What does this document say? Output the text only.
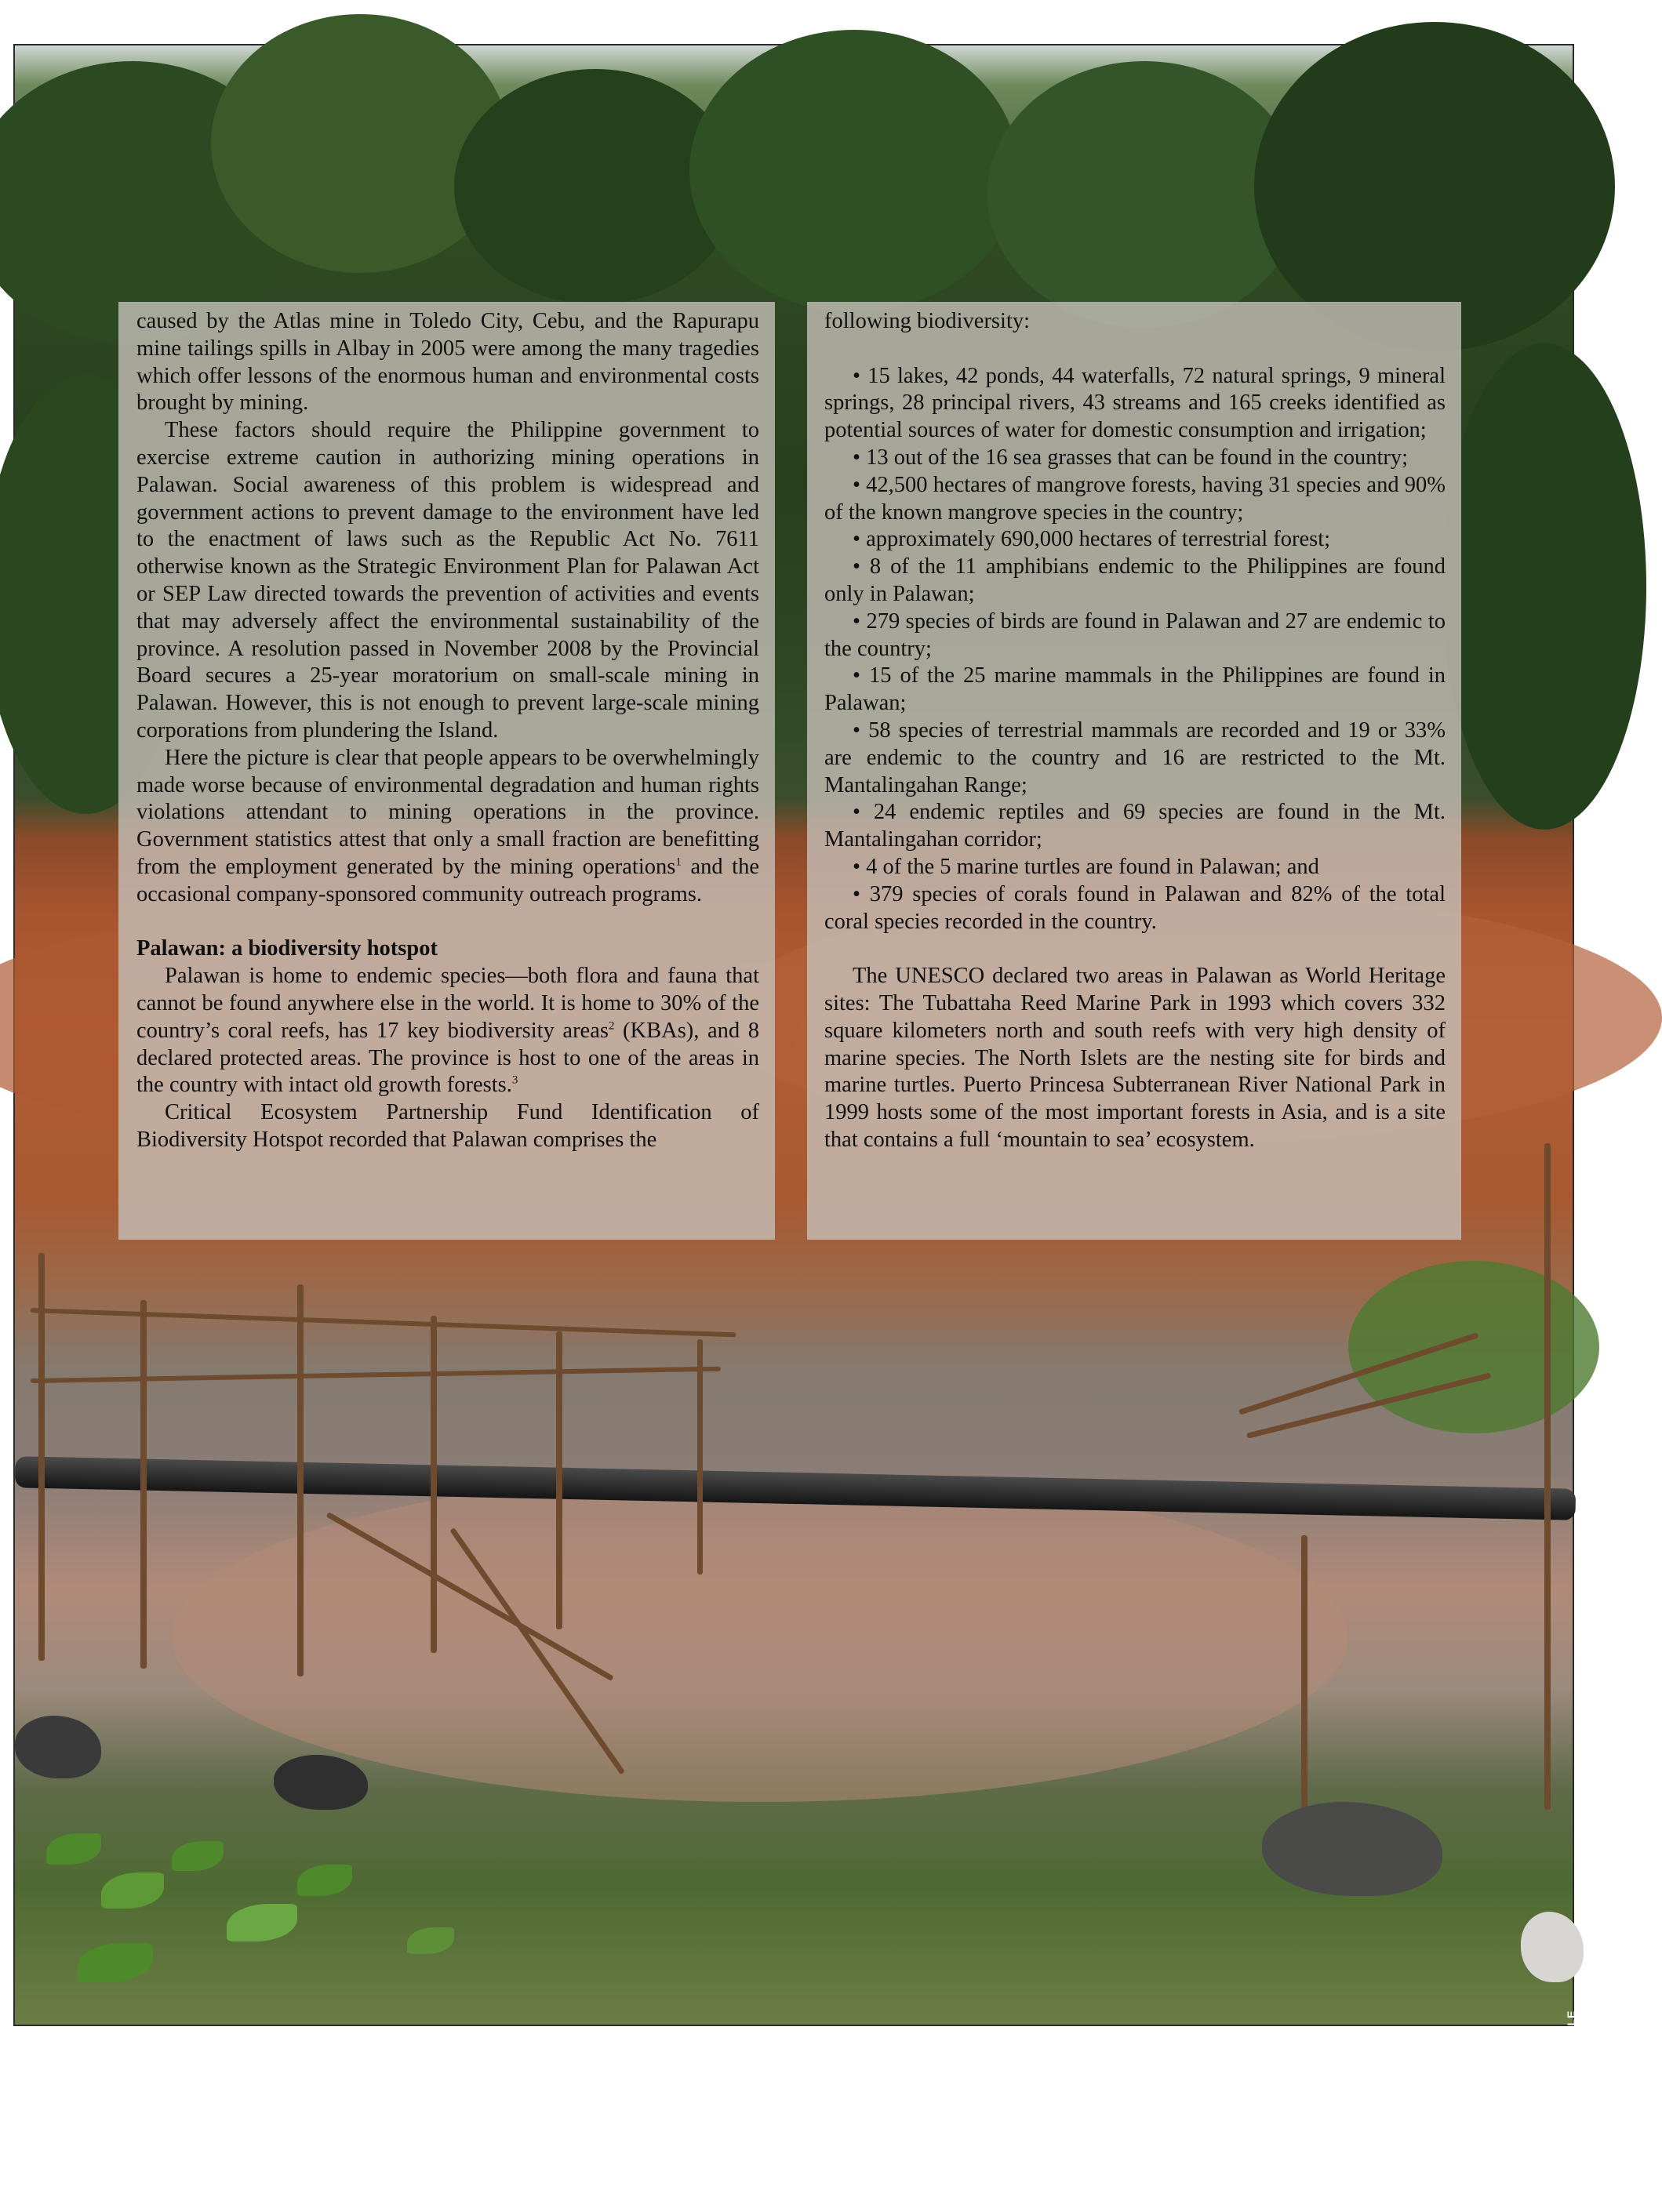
FILE PHOTO

caused by the Atlas mine in Toledo City, Cebu, and the Rapurapu mine tailings spills in Albay in 2005 were among the many tragedies which offer lessons of the enormous human and environmental costs brought by mining.

These factors should require the Philippine government to exercise extreme caution in authorizing mining operations in Palawan. Social awareness of this problem is widespread and government actions to prevent damage to the environment have led to the enactment of laws such as the Republic Act No. 7611 otherwise known as the Strategic Environment Plan for Palawan Act or SEP Law directed towards the prevention of activities and events that may adversely affect the environmental sustainability of the province. A resolution passed in November 2008 by the Provincial Board secures a 25-year moratorium on small-scale mining in Palawan. However, this is not enough to prevent large-scale mining corporations from plundering the Island.

Here the picture is clear that people appears to be overwhelmingly made worse because of environmental degradation and human rights violations attendant to mining operations in the province. Government statistics attest that only a small fraction are benefitting from the employment generated by the mining operations$^1$ and the occasional company-sponsored community outreach programs.

Palawan: a biodiversity hotspot

Palawan is home to endemic species—both flora and fauna that cannot be found anywhere else in the world. It is home to 30% of the country’s coral reefs, has 17 key biodiversity areas$^2$ (KBAs), and 8 declared protected areas. The province is host to one of the areas in the country with intact old growth forests.$^3$

Critical Ecosystem Partnership Fund Identification of Biodiversity Hotspot recorded that Palawan comprises the

following biodiversity:

• 15 lakes, 42 ponds, 44 waterfalls, 72 natural springs, 9 mineral springs, 28 principal rivers, 43 streams and 165 creeks identified as potential sources of water for domestic consumption and irrigation;

• 13 out of the 16 sea grasses that can be found in the country;

• 42,500 hectares of mangrove forests, having 31 species and 90% of the known mangrove species in the country;

• approximately 690,000 hectares of terrestrial forest;

• 8 of the 11 amphibians endemic to the Philippines are found only in Palawan;

• 279 species of birds are found in Palawan and 27 are endemic to the country;

• 15 of the 25 marine mammals in the Philippines are found in Palawan;

• 58 species of terrestrial mammals are recorded and 19 or 33% are endemic to the country and 16 are restricted to the Mt. Mantalingahan Range;

• 24 endemic reptiles and 69 species are found in the Mt. Mantalingahan corridor;

• 4 of the 5 marine turtles are found in Palawan; and

• 379 species of corals found in Palawan and 82% of the total coral species recorded in the country.

The UNESCO declared two areas in Palawan as World Heritage sites: The Tubattaha Reed Marine Park in 1993 which covers 332 square kilometers north and south reefs with very high density of marine species. The North Islets are the nesting site for birds and marine turtles. Puerto Princesa Subterranean River National Park in 1999 hosts some of the most important forests in Asia, and is a site that contains a full ‘mountain to sea’ ecosystem.
